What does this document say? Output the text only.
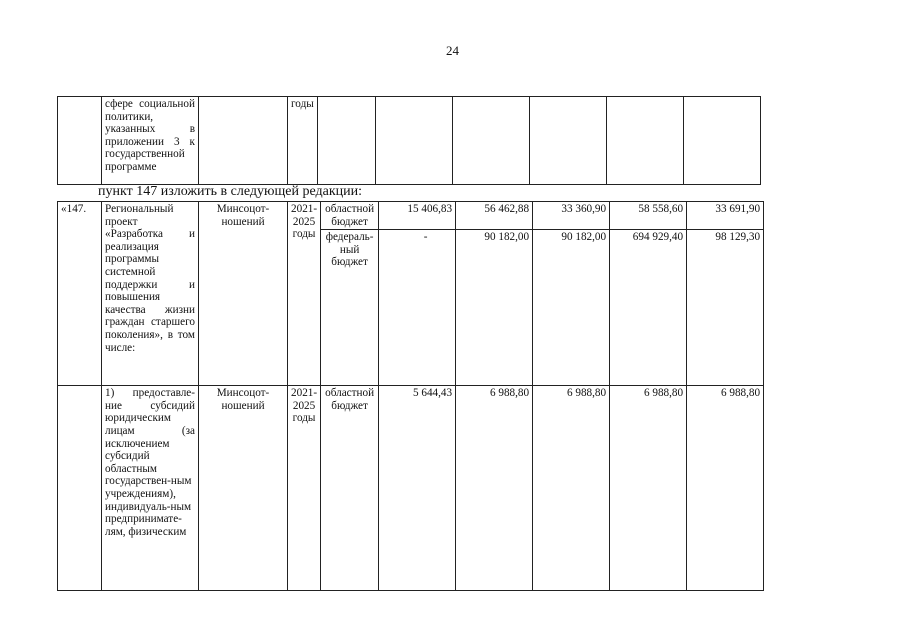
24
	сфере социальной политики, указанных в приложении 3 к государственной программе		годы						
пункт 147 изложить в следующей редакции:
«147.	Региональный проект «Разработка и реализация программы системной поддержки и повышения качества жизни граждан старшего поколения», в том числе:	Минсоцот-ношений	2021-2025 годы	областной бюджет	15 406,83	56 462,88	33 360,90	58 558,60	33 691,90
				федераль-ный бюджет	-	90 182,00	90 182,00	694 929,40	98 129,30
	1) предоставле-ние субсидий юридическим лицам (за исключением субсидий областным государствен-ным учреждениям), индивидуаль-ным предпринимате-лям, физическим	Минсоцот-ношений	2021-2025 годы	областной бюджет	5 644,43	6 988,80	6 988,80	6 988,80	6 988,80
